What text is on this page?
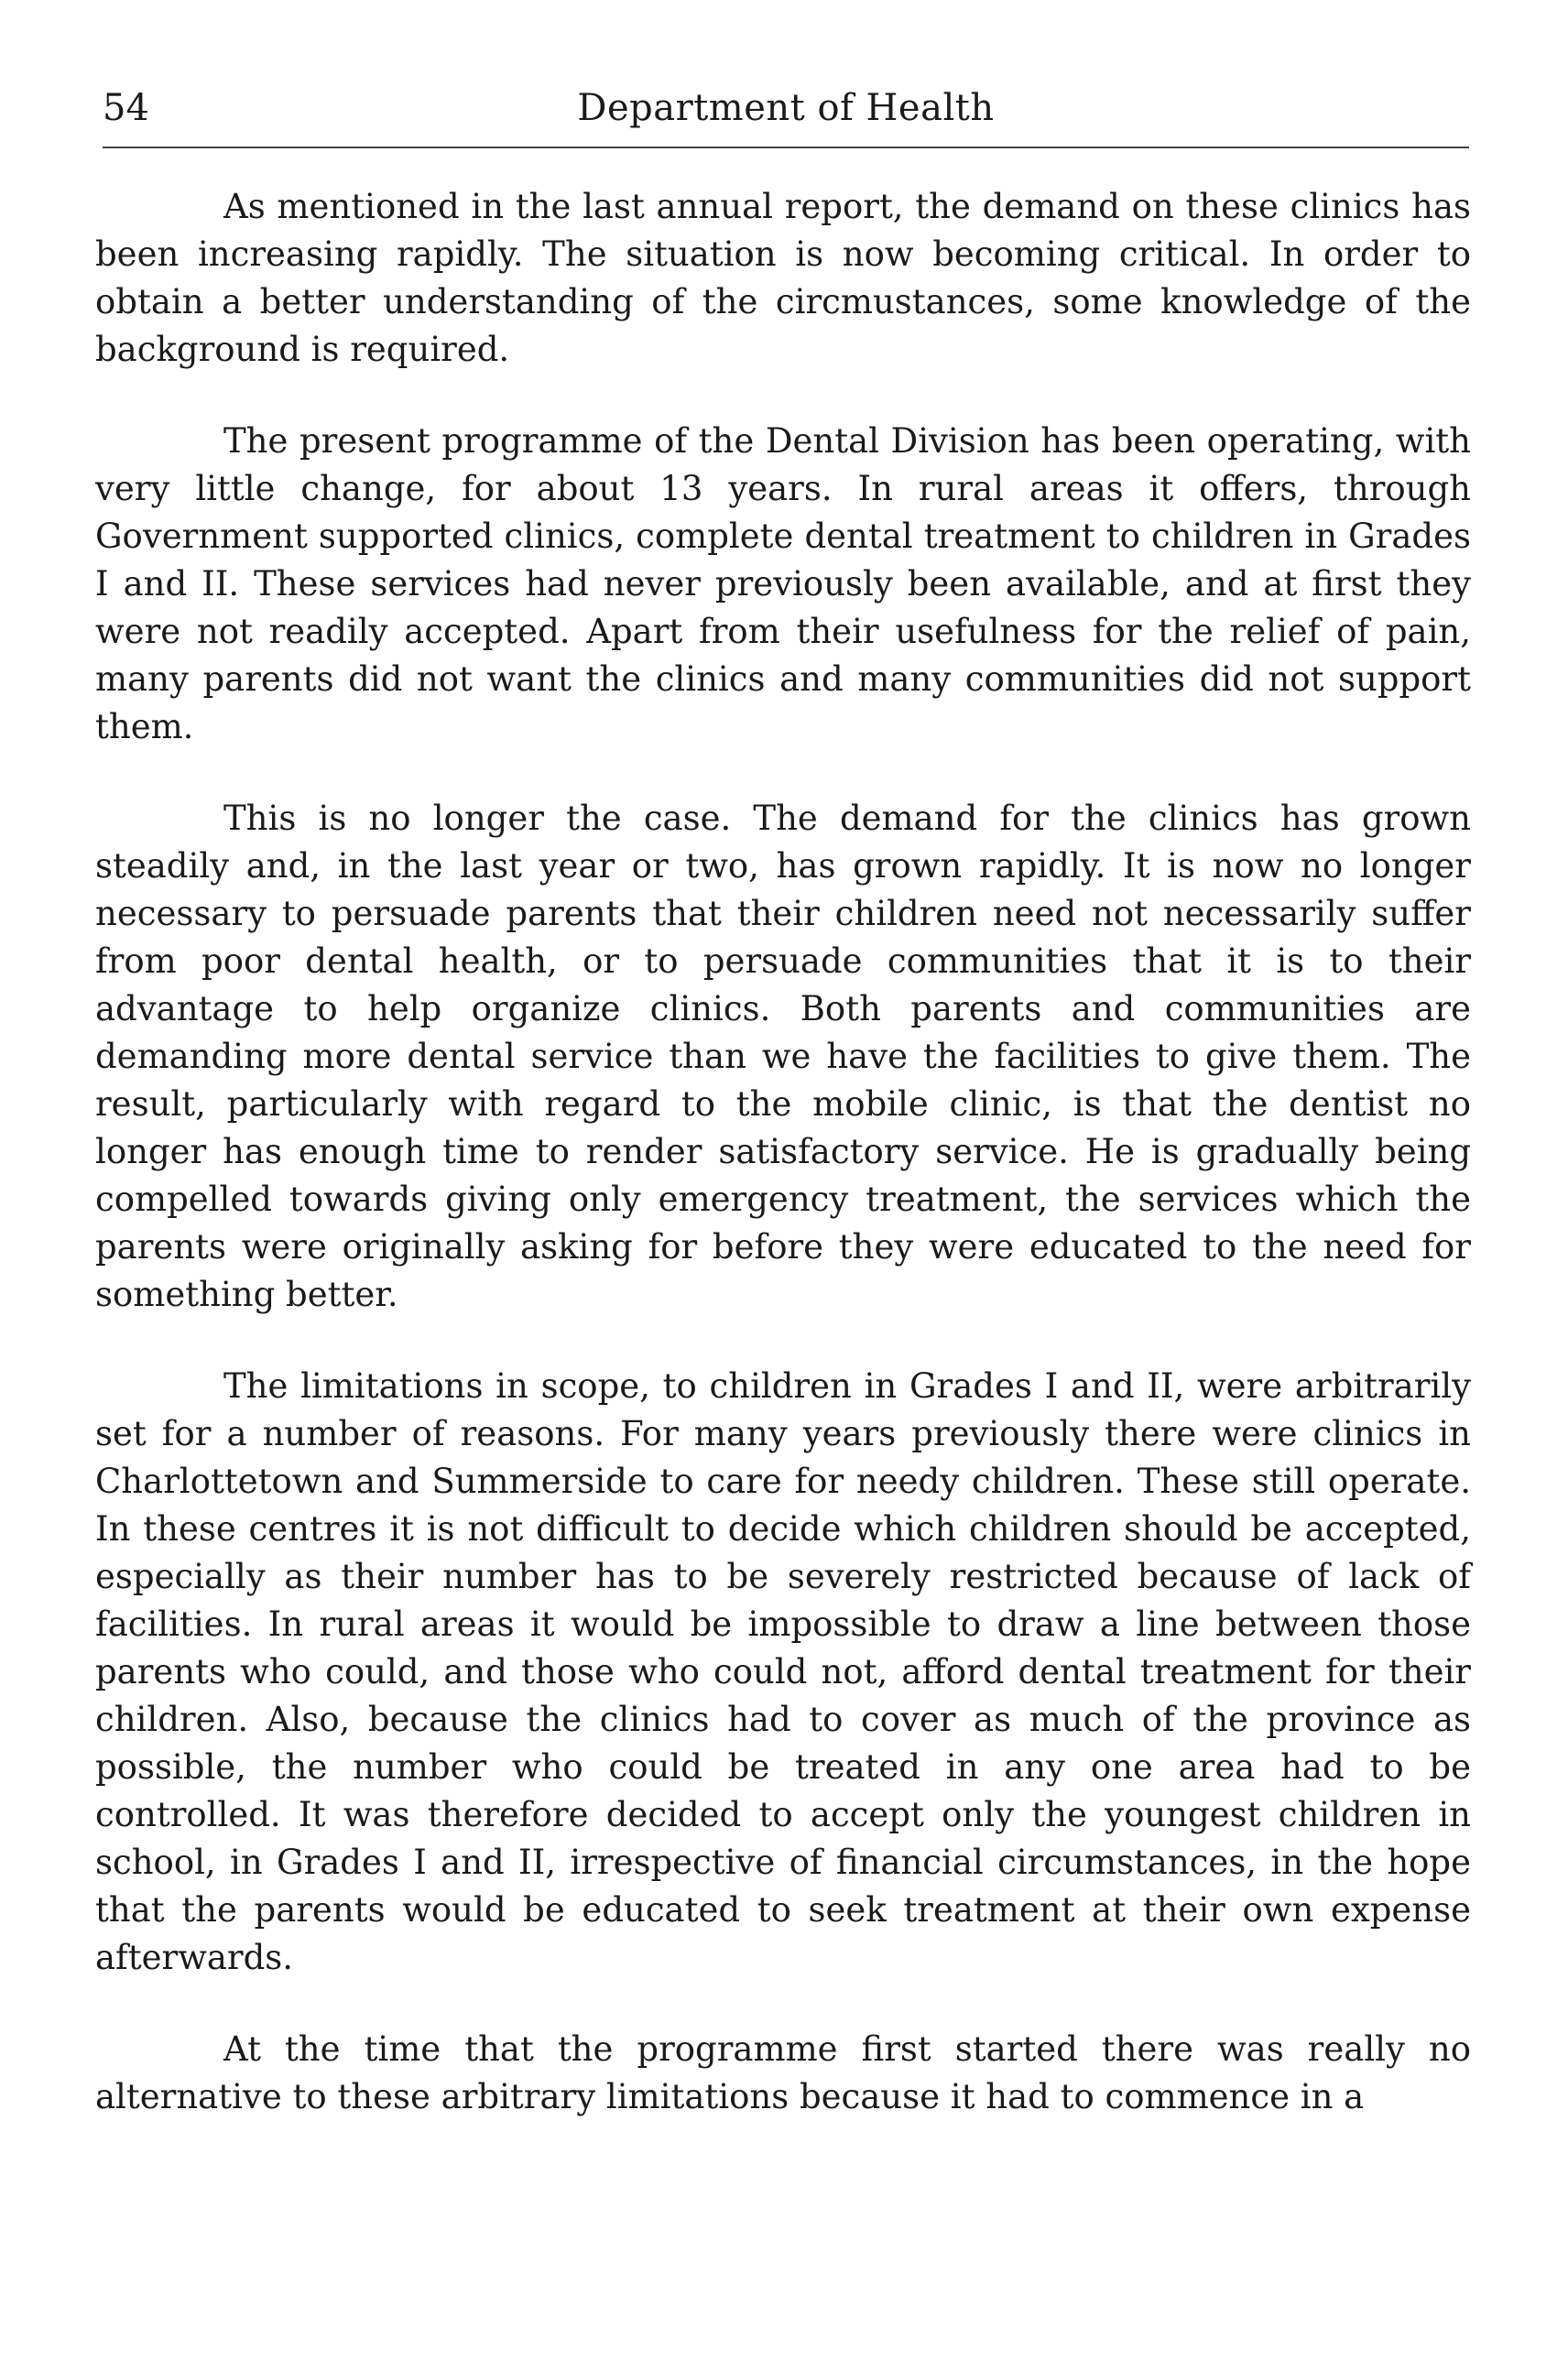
54	Department of Health

As mentioned in the last annual report, the demand on these clinics has been increasing rapidly. The situation is now becoming critical. In order to obtain a better understanding of the circmustances, some knowledge of the background is required.

The present programme of the Dental Division has been operating, with very little change, for about 13 years. In rural areas it offers, through Government supported clinics, complete dental treatment to children in Grades I and II. These services had never previously been available, and at first they were not readily accepted. Apart from their usefulness for the relief of pain, many parents did not want the clinics and many communities did not support them.

This is no longer the case. The demand for the clinics has grown steadily and, in the last year or two, has grown rapidly. It is now no longer necessary to persuade parents that their children need not necessarily suffer from poor dental health, or to persuade communities that it is to their advantage to help organize clinics. Both parents and communities are demanding more dental service than we have the facilities to give them. The result, particularly with regard to the mobile clinic, is that the dentist no longer has enough time to render satisfactory service. He is gradually being compelled towards giving only emergency treatment, the services which the parents were originally asking for before they were educated to the need for something better.

The limitations in scope, to children in Grades I and II, were arbitrarily set for a number of reasons. For many years previously there were clinics in Charlottetown and Summerside to care for needy children. These still operate. In these centres it is not difficult to decide which children should be accepted, especially as their number has to be severely restricted because of lack of facilities. In rural areas it would be impossible to draw a line between those parents who could, and those who could not, afford dental treatment for their children. Also, because the clinics had to cover as much of the province as possible, the number who could be treated in any one area had to be controlled. It was therefore decided to accept only the youngest children in school, in Grades I and II, irrespective of financial circumstances, in the hope that the parents would be educated to seek treatment at their own expense afterwards.

At the time that the programme first started there was really no alternative to these arbitrary limitations because it had to commence in a
